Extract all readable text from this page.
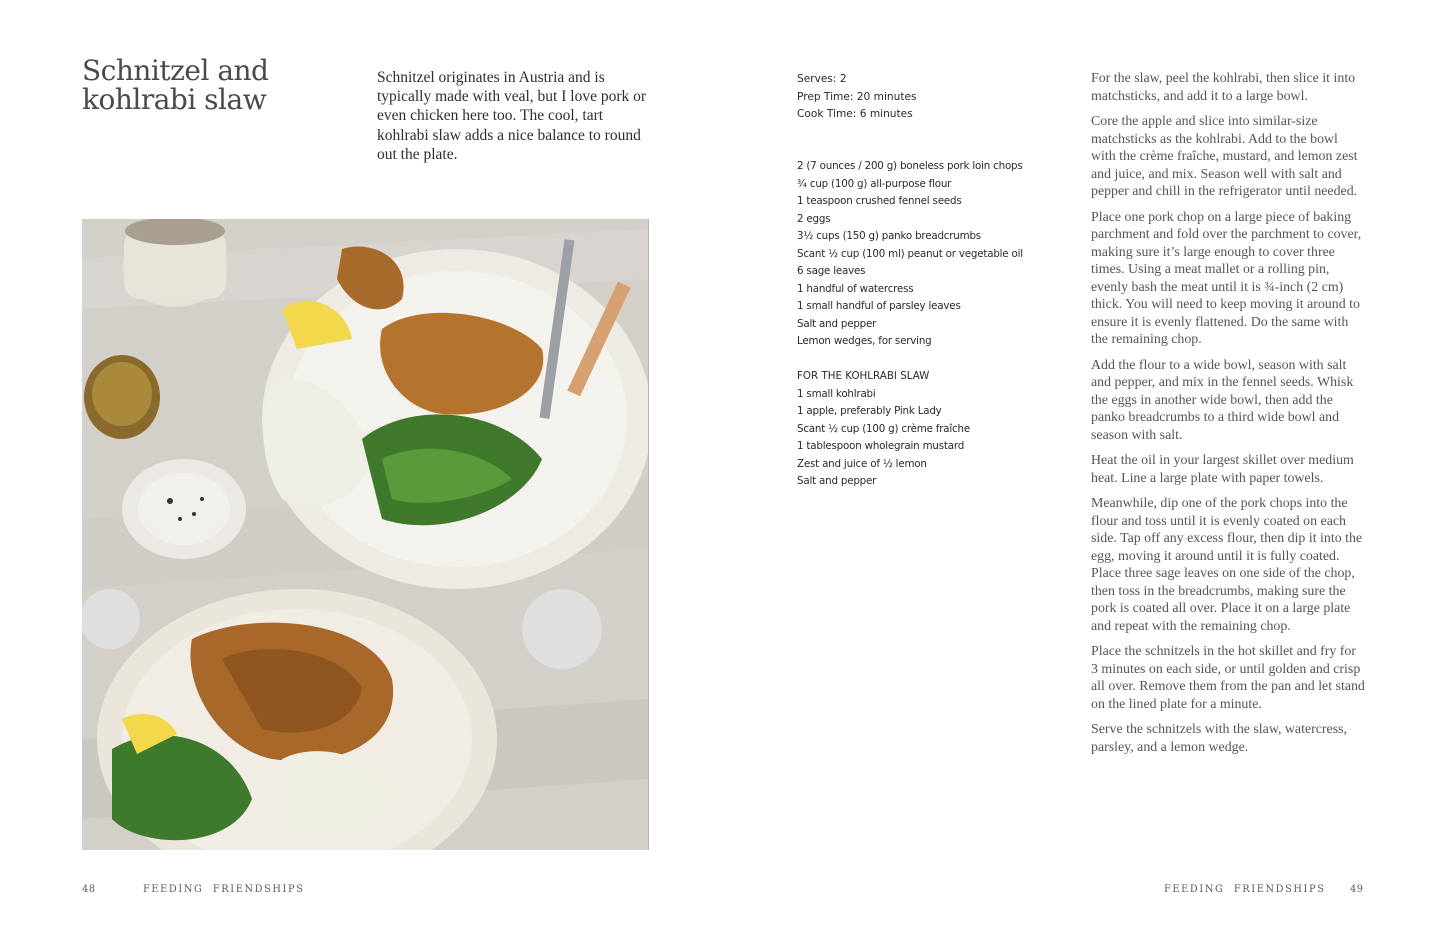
Schnitzel and
kohlrabi slaw
Schnitzel originates in Austria and is typically made with veal, but I love pork or even chicken here too. The cool, tart kohlrabi slaw adds a nice balance to round out the plate.
Serves: 2
Prep Time: 20 minutes
Cook Time: 6 minutes
2 (7 ounces / 200 g) boneless pork loin chops
¾ cup (100 g) all-purpose flour
1 teaspoon crushed fennel seeds
2 eggs
3½ cups (150 g) panko breadcrumbs
Scant ½ cup (100 ml) peanut or vegetable oil
6 sage leaves
1 handful of watercress
1 small handful of parsley leaves
Salt and pepper
Lemon wedges, for serving
FOR THE KOHLRABI SLAW
1 small kohlrabi
1 apple, preferably Pink Lady
Scant ½ cup (100 g) crème fraîche
1 tablespoon wholegrain mustard
Zest and juice of ½ lemon
Salt and pepper

For the slaw, peel the kohlrabi, then slice it into matchsticks, and add it to a large bowl.

Core the apple and slice into similar-size matchsticks as the kohlrabi. Add to the bowl with the crème fraîche, mustard, and lemon zest and juice, and mix. Season well with salt and pepper and chill in the refrigerator until needed.

Place one pork chop on a large piece of baking parchment and fold over the parchment to cover, making sure it’s large enough to cover three times. Using a meat mallet or a rolling pin, evenly bash the meat until it is ¾-inch (2 cm) thick. You will need to keep moving it around to ensure it is evenly flattened. Do the same with the remaining chop.

Add the flour to a wide bowl, season with salt and pepper, and mix in the fennel seeds. Whisk the eggs in another wide bowl, then add the panko breadcrumbs to a third wide bowl and season with salt.

Heat the oil in your largest skillet over medium heat. Line a large plate with paper towels.

Meanwhile, dip one of the pork chops into the flour and toss until it is evenly coated on each side. Tap off any excess flour, then dip it into the egg, moving it around until it is fully coated. Place three sage leaves on one side of the chop, then toss in the breadcrumbs, making sure the pork is coated all over. Place it on a large plate and repeat with the remaining chop.

Place the schnitzels in the hot skillet and fry for 3 minutes on each side, or until golden and crisp all over. Remove them from the pan and let stand on the lined plate for a minute.

Serve the schnitzels with the slaw, watercress, parsley, and a lemon wedge.

48	FEEDING  FRIENDSHIPS	FEEDING  FRIENDSHIPS 49
